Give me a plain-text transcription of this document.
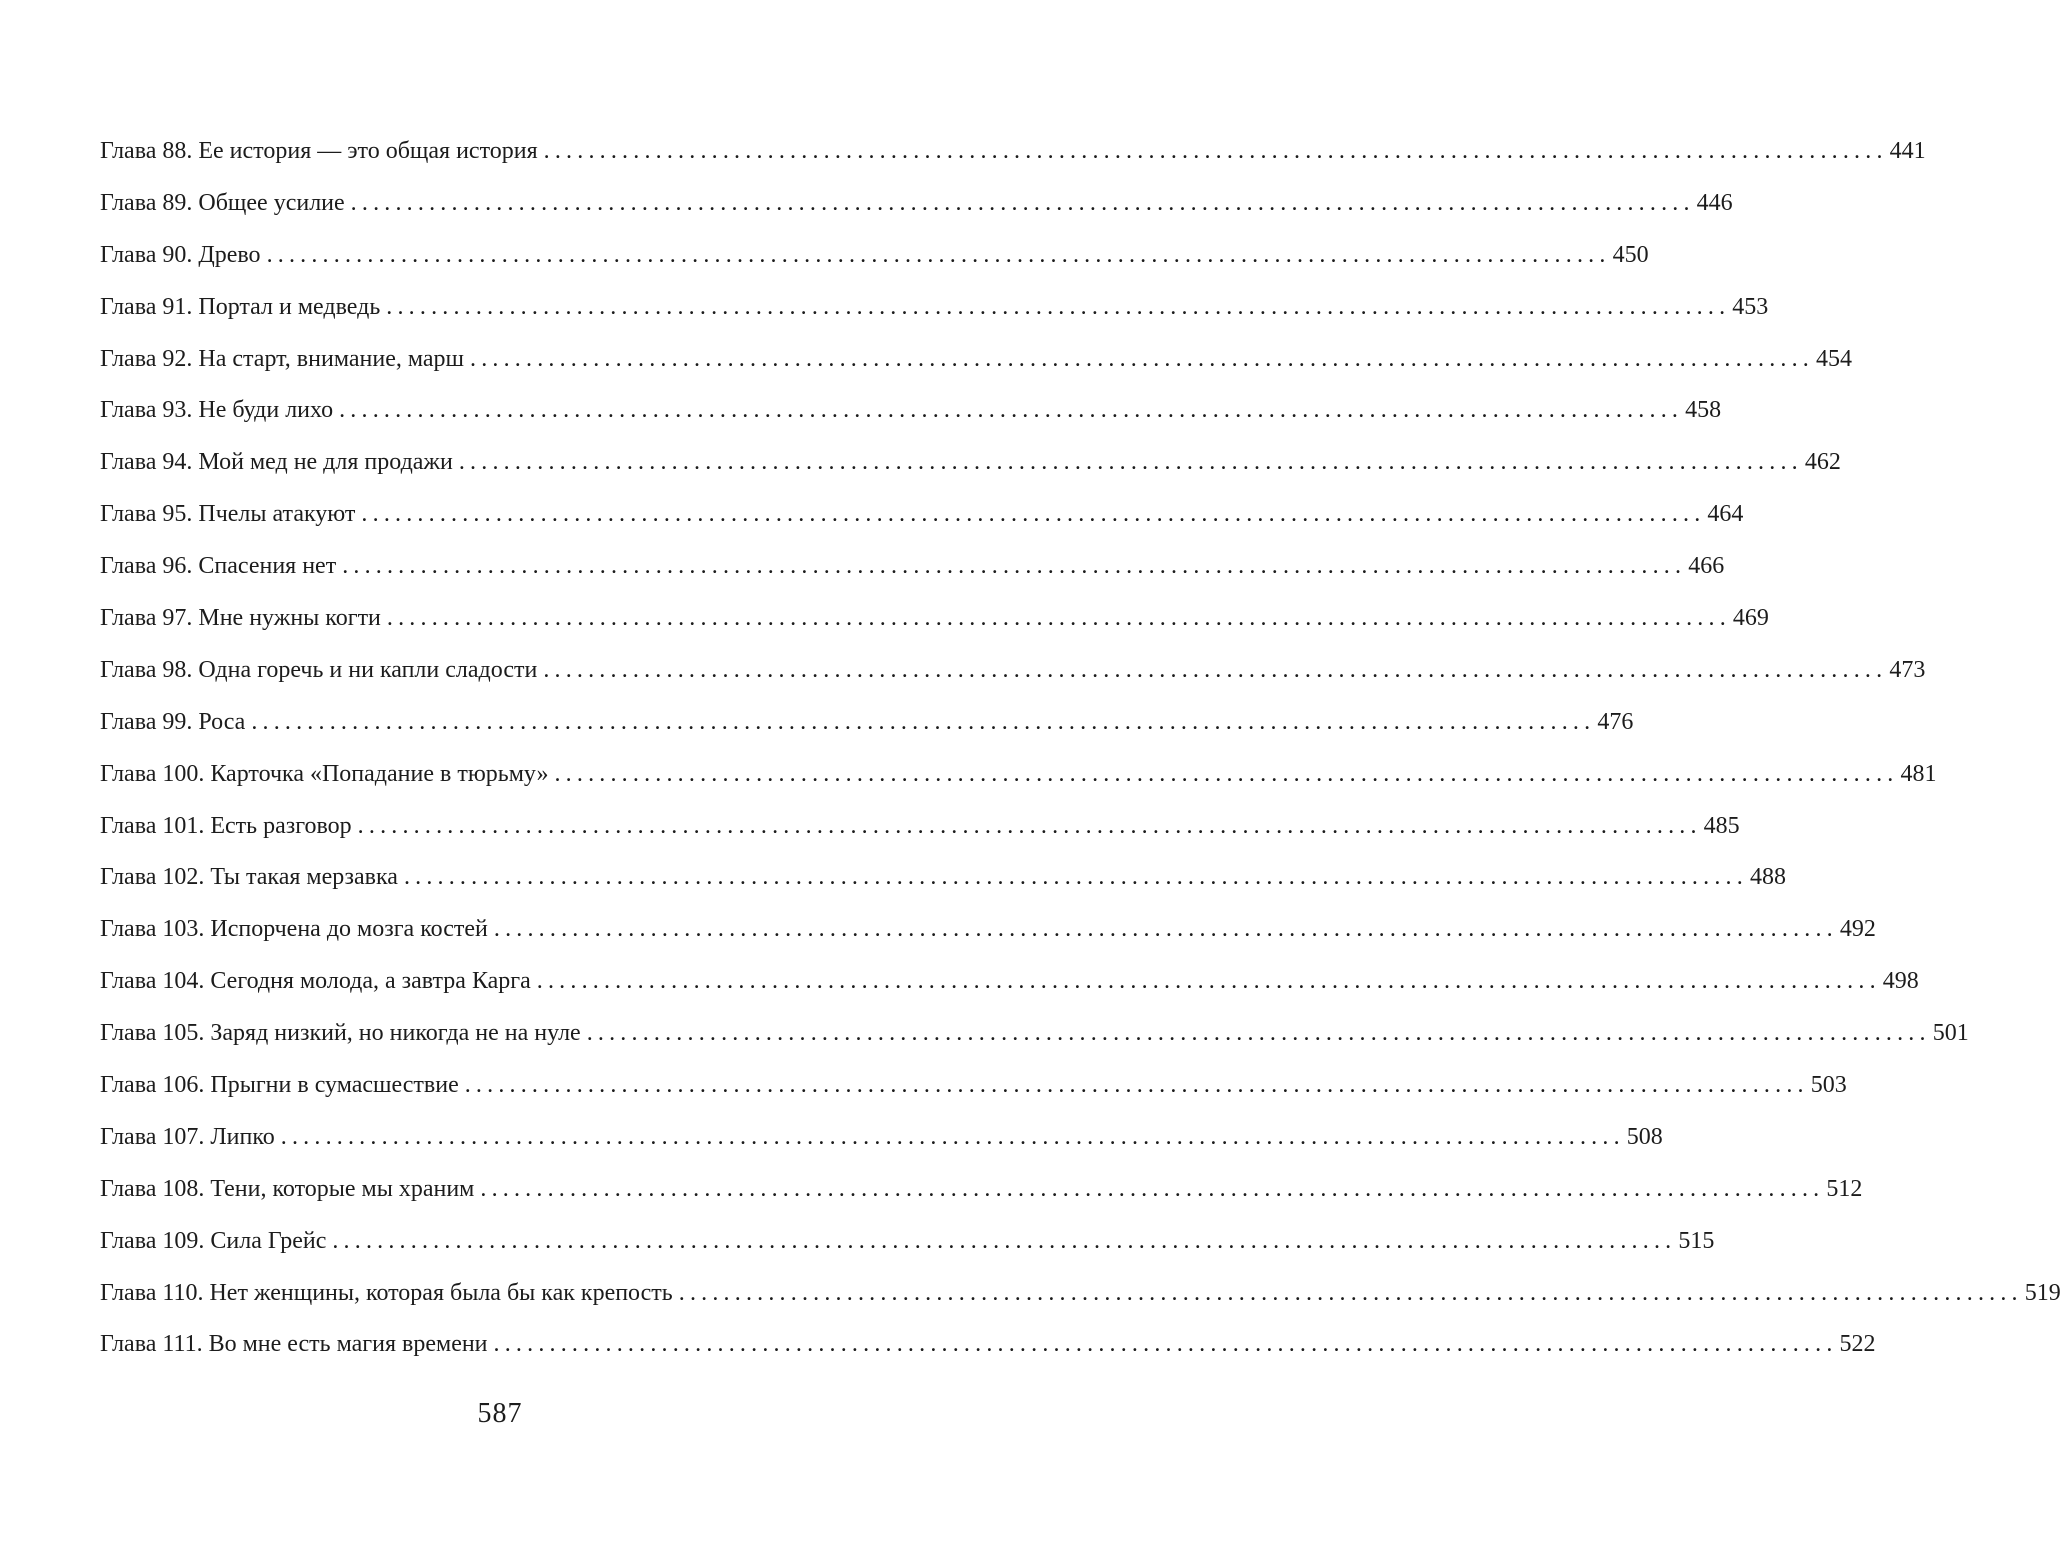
Глава 88. Ее история — это общая история ........................................................................................................................ 441
Глава 89. Общее усилие ........................................................................................................................ 446
Глава 90. Древо ........................................................................................................................ 450
Глава 91. Портал и медведь ........................................................................................................................ 453
Глава 92. На старт, внимание, марш ........................................................................................................................ 454
Глава 93. Не буди лихо ........................................................................................................................ 458
Глава 94. Мой мед не для продажи ........................................................................................................................ 462
Глава 95. Пчелы атакуют ........................................................................................................................ 464
Глава 96. Спасения нет ........................................................................................................................ 466
Глава 97. Мне нужны когти ........................................................................................................................ 469
Глава 98. Одна горечь и ни капли сладости ........................................................................................................................ 473
Глава 99. Роса ........................................................................................................................ 476
Глава 100. Карточка «Попадание в тюрьму» ........................................................................................................................ 481
Глава 101. Есть разговор ........................................................................................................................ 485
Глава 102. Ты такая мерзавка ........................................................................................................................ 488
Глава 103. Испорчена до мозга костей ........................................................................................................................ 492
Глава 104. Сегодня молода, а завтра Карга ........................................................................................................................ 498
Глава 105. Заряд низкий, но никогда не на нуле ........................................................................................................................ 501
Глава 106. Прыгни в сумасшествие ........................................................................................................................ 503
Глава 107. Липко ........................................................................................................................ 508
Глава 108. Тени, которые мы храним ........................................................................................................................ 512
Глава 109. Сила Грейс ........................................................................................................................ 515
Глава 110. Нет женщины, которая была бы как крепость ........................................................................................................................ 519
Глава 111. Во мне есть магия времени ........................................................................................................................ 522
587
